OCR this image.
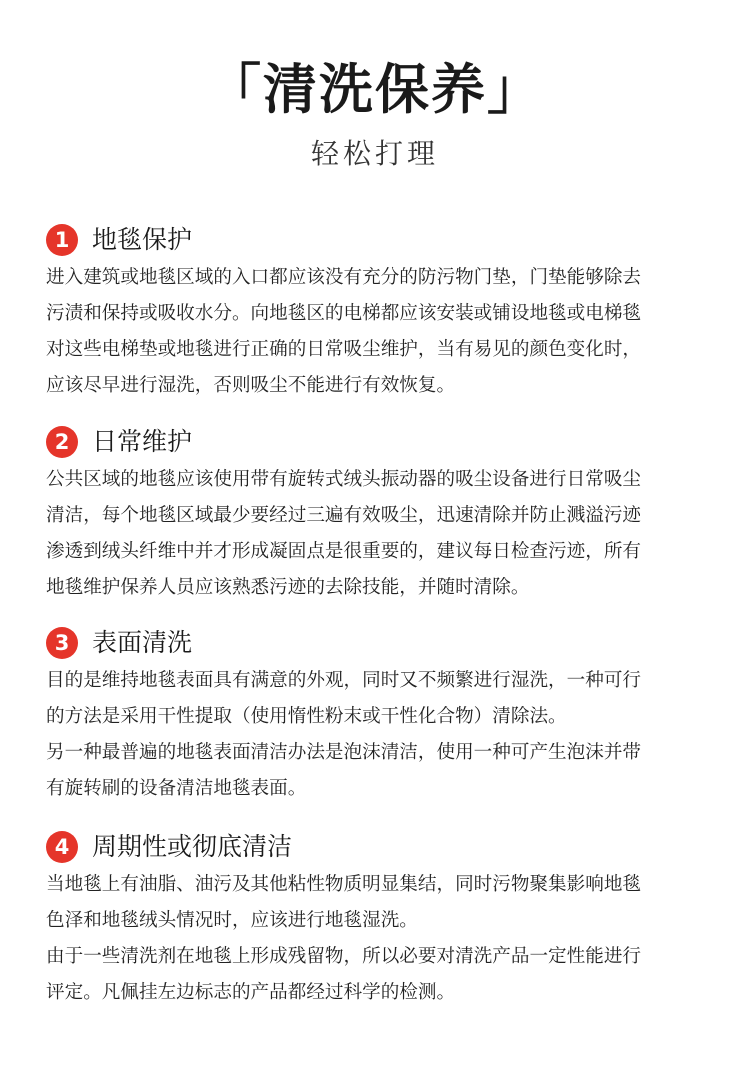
「清洗保养」
轻松打理
1 地毯保护

进入建筑或地毯区域的入口都应该没有充分的防污物门垫，门垫能够除去

污渍和保持或吸收水分。向地毯区的电梯都应该安装或铺设地毯或电梯毯

对这些电梯垫或地毯进行正确的日常吸尘维护，当有易见的颜色变化时，

应该尽早进行湿洗，否则吸尘不能进行有效恢复。

2 日常维护

公共区域的地毯应该使用带有旋转式绒头振动器的吸尘设备进行日常吸尘

清洁，每个地毯区域最少要经过三遍有效吸尘，迅速清除并防止溅溢污迹

渗透到绒头纤维中并才形成凝固点是很重要的，建议每日检查污迹，所有

地毯维护保养人员应该熟悉污迹的去除技能，并随时清除。

3 表面清洗

目的是维持地毯表面具有满意的外观，同时又不频繁进行湿洗，一种可行

的方法是采用干性提取（使用惰性粉末或干性化合物）清除法。

另一种最普遍的地毯表面清洁办法是泡沫清洁，使用一种可产生泡沫并带

有旋转刷的设备清洁地毯表面。

4 周期性或彻底清洁

当地毯上有油脂、油污及其他粘性物质明显集结，同时污物聚集影响地毯

色泽和地毯绒头情况时，应该进行地毯湿洗。

由于一些清洗剂在地毯上形成残留物，所以必要对清洗产品一定性能进行

评定。凡佩挂左边标志的产品都经过科学的检测。
